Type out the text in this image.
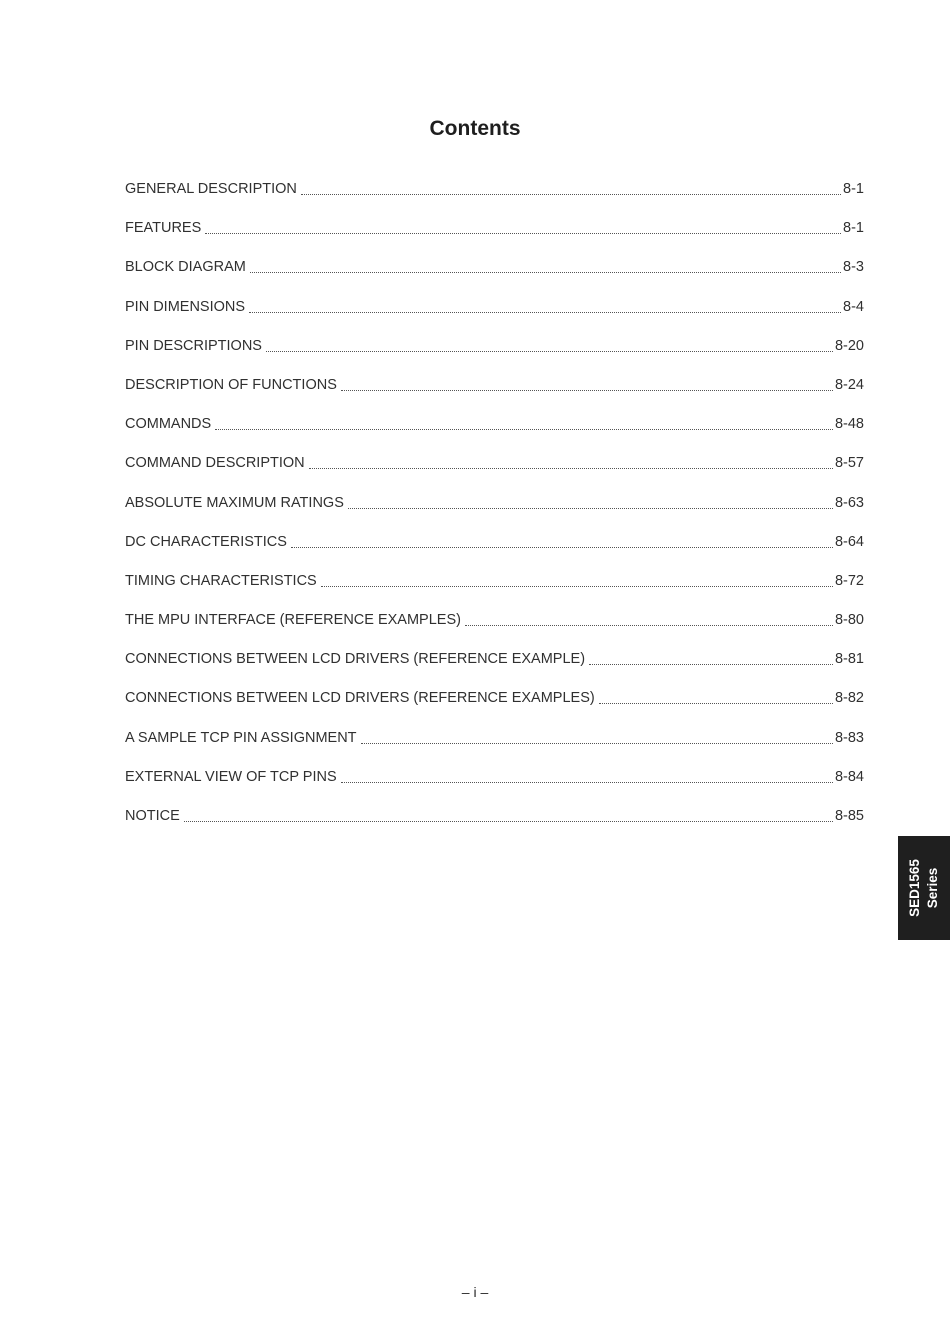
Contents
GENERAL DESCRIPTION	8-1
FEATURES	8-1
BLOCK DIAGRAM	8-3
PIN DIMENSIONS	8-4
PIN DESCRIPTIONS	8-20
DESCRIPTION OF FUNCTIONS	8-24
COMMANDS	8-48
COMMAND DESCRIPTION	8-57
ABSOLUTE MAXIMUM RATINGS	8-63
DC CHARACTERISTICS	8-64
TIMING CHARACTERISTICS	8-72
THE MPU INTERFACE (REFERENCE EXAMPLES)	8-80
CONNECTIONS BETWEEN LCD DRIVERS (REFERENCE EXAMPLE)	8-81
CONNECTIONS BETWEEN LCD DRIVERS (REFERENCE EXAMPLES)	8-82
A SAMPLE TCP PIN ASSIGNMENT	8-83
EXTERNAL VIEW OF TCP PINS	8-84
NOTICE	8-85
SED1565 Series
– i –
